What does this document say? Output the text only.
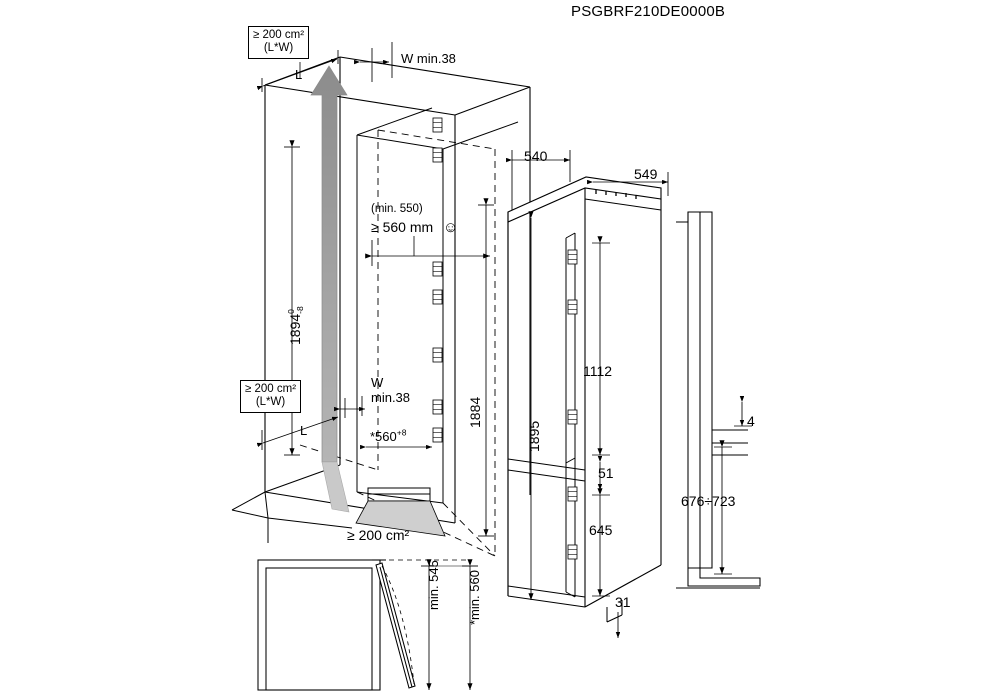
PSGBRF210DE0000B
≥ 200 cm²
(L*W)
L
W min.38
(min. 550)
≥ 560 mm ☺
18940
-8
≥ 200 cm²
(L*W)
L
W
min.38
$*560^{+8}$
1884
≥ 200 cm²
540
549
1895
1112
51
645
31
4
676÷723
min. 545 *min. 560
